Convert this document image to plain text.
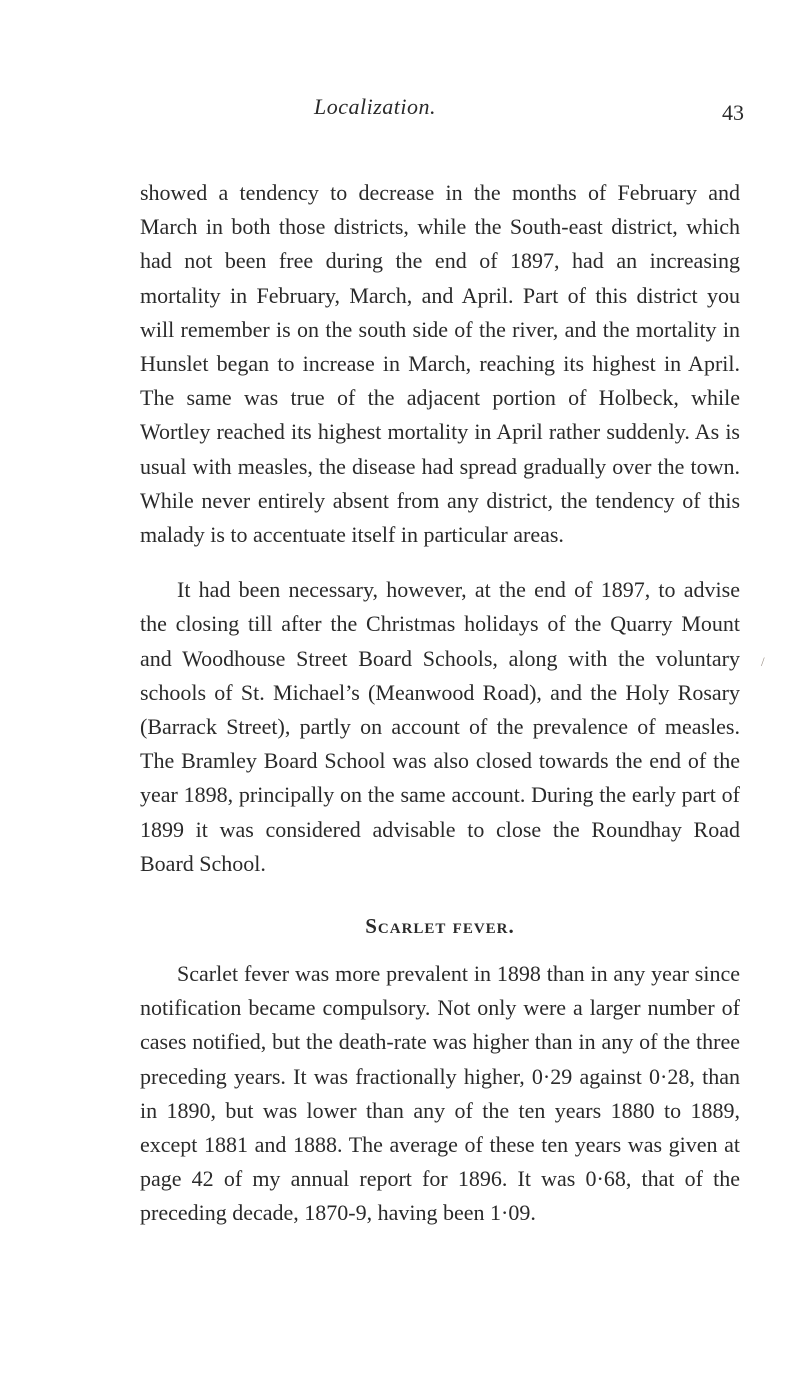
Localization.	43

showed a tendency to decrease in the months of February and March in both those districts, while the South-east district, which had not been free during the end of 1897, had an increasing mortality in February, March, and April. Part of this district you will remember is on the south side of the river, and the mortality in Hunslet began to increase in March, reaching its highest in April. The same was true of the adjacent portion of Holbeck, while Wortley reached its highest mortality in April rather suddenly. As is usual with measles, the disease had spread gradually over the town. While never entirely absent from any district, the tendency of this malady is to accentuate itself in particular areas.

It had been necessary, however, at the end of 1897, to advise the closing till after the Christmas holidays of the Quarry Mount and Woodhouse Street Board Schools, along with the voluntary schools of St. Michael’s (Meanwood Road), and the Holy Rosary (Barrack Street), partly on account of the prevalence of measles. The Bramley Board School was also closed towards the end of the year 1898, principally on the same account. During the early part of 1899 it was considered advisable to close the Roundhay Road Board School.

Scarlet fever.

Scarlet fever was more prevalent in 1898 than in any year since notification became compulsory. Not only were a larger number of cases notified, but the death-rate was higher than in any of the three preceding years. It was fractionally higher, 0·29 against 0·28, than in 1890, but was lower than any of the ten years 1880 to 1889, except 1881 and 1888. The average of these ten years was given at page 42 of my annual report for 1896. It was 0·68, that of the preceding decade, 1870-9, having been 1·09.

/
